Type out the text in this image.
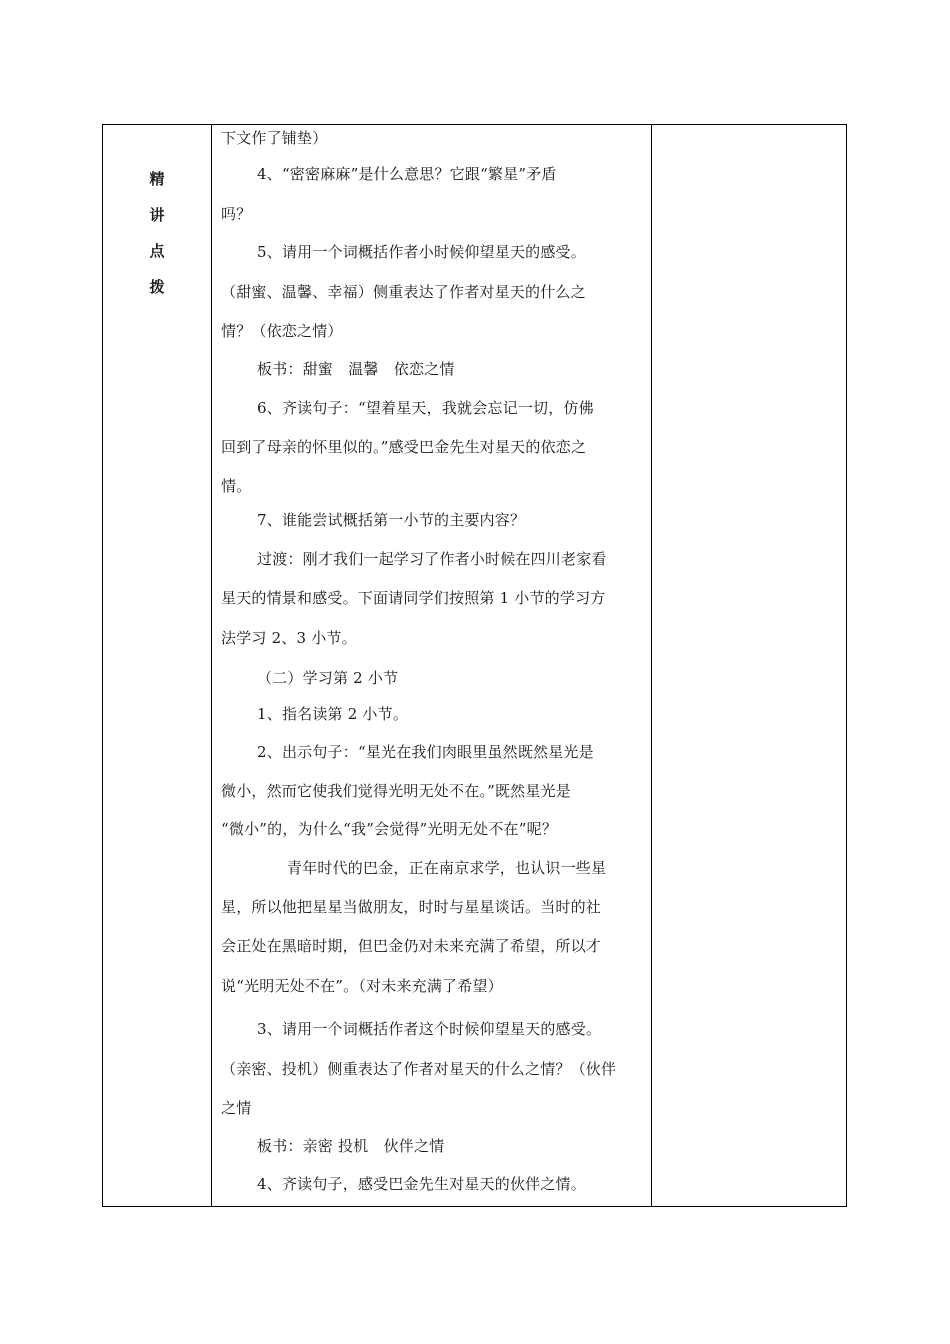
精
讲
点
拨
下文作了铺垫）
4、“密密麻麻”是什么意思？它跟“繁星”矛盾
吗？
5、请用一个词概括作者小时候仰望星天的感受。
（甜蜜、温馨、幸福）侧重表达了作者对星天的什么之
情？（依恋之情）
板书：甜蜜　温馨　依恋之情
6、齐读句子：“望着星天，我就会忘记一切，仿佛
回到了母亲的怀里似的。”感受巴金先生对星天的依恋之
情。
7、谁能尝试概括第一小节的主要内容？
过渡：刚才我们一起学习了作者小时候在四川老家看
星天的情景和感受。下面请同学们按照第 1 小节的学习方
法学习 2、3 小节。
（二）学习第 2 小节
1、指名读第 2 小节。
2、出示句子：“星光在我们肉眼里虽然既然星光是
微小，然而它使我们觉得光明无处不在。”既然星光是
“微小”的，为什么“我”会觉得”光明无处不在”呢？
青年时代的巴金，正在南京求学，也认识一些星
星，所以他把星星当做朋友，时时与星星谈话。当时的社
会正处在黑暗时期，但巴金仍对未来充满了希望，所以才
说“光明无处不在”。（对未来充满了希望）
3、请用一个词概括作者这个时候仰望星天的感受。
（亲密、投机）侧重表达了作者对星天的什么之情？（伙伴
之情
板书：亲密 投机　伙伴之情
4、齐读句子，感受巴金先生对星天的伙伴之情。
